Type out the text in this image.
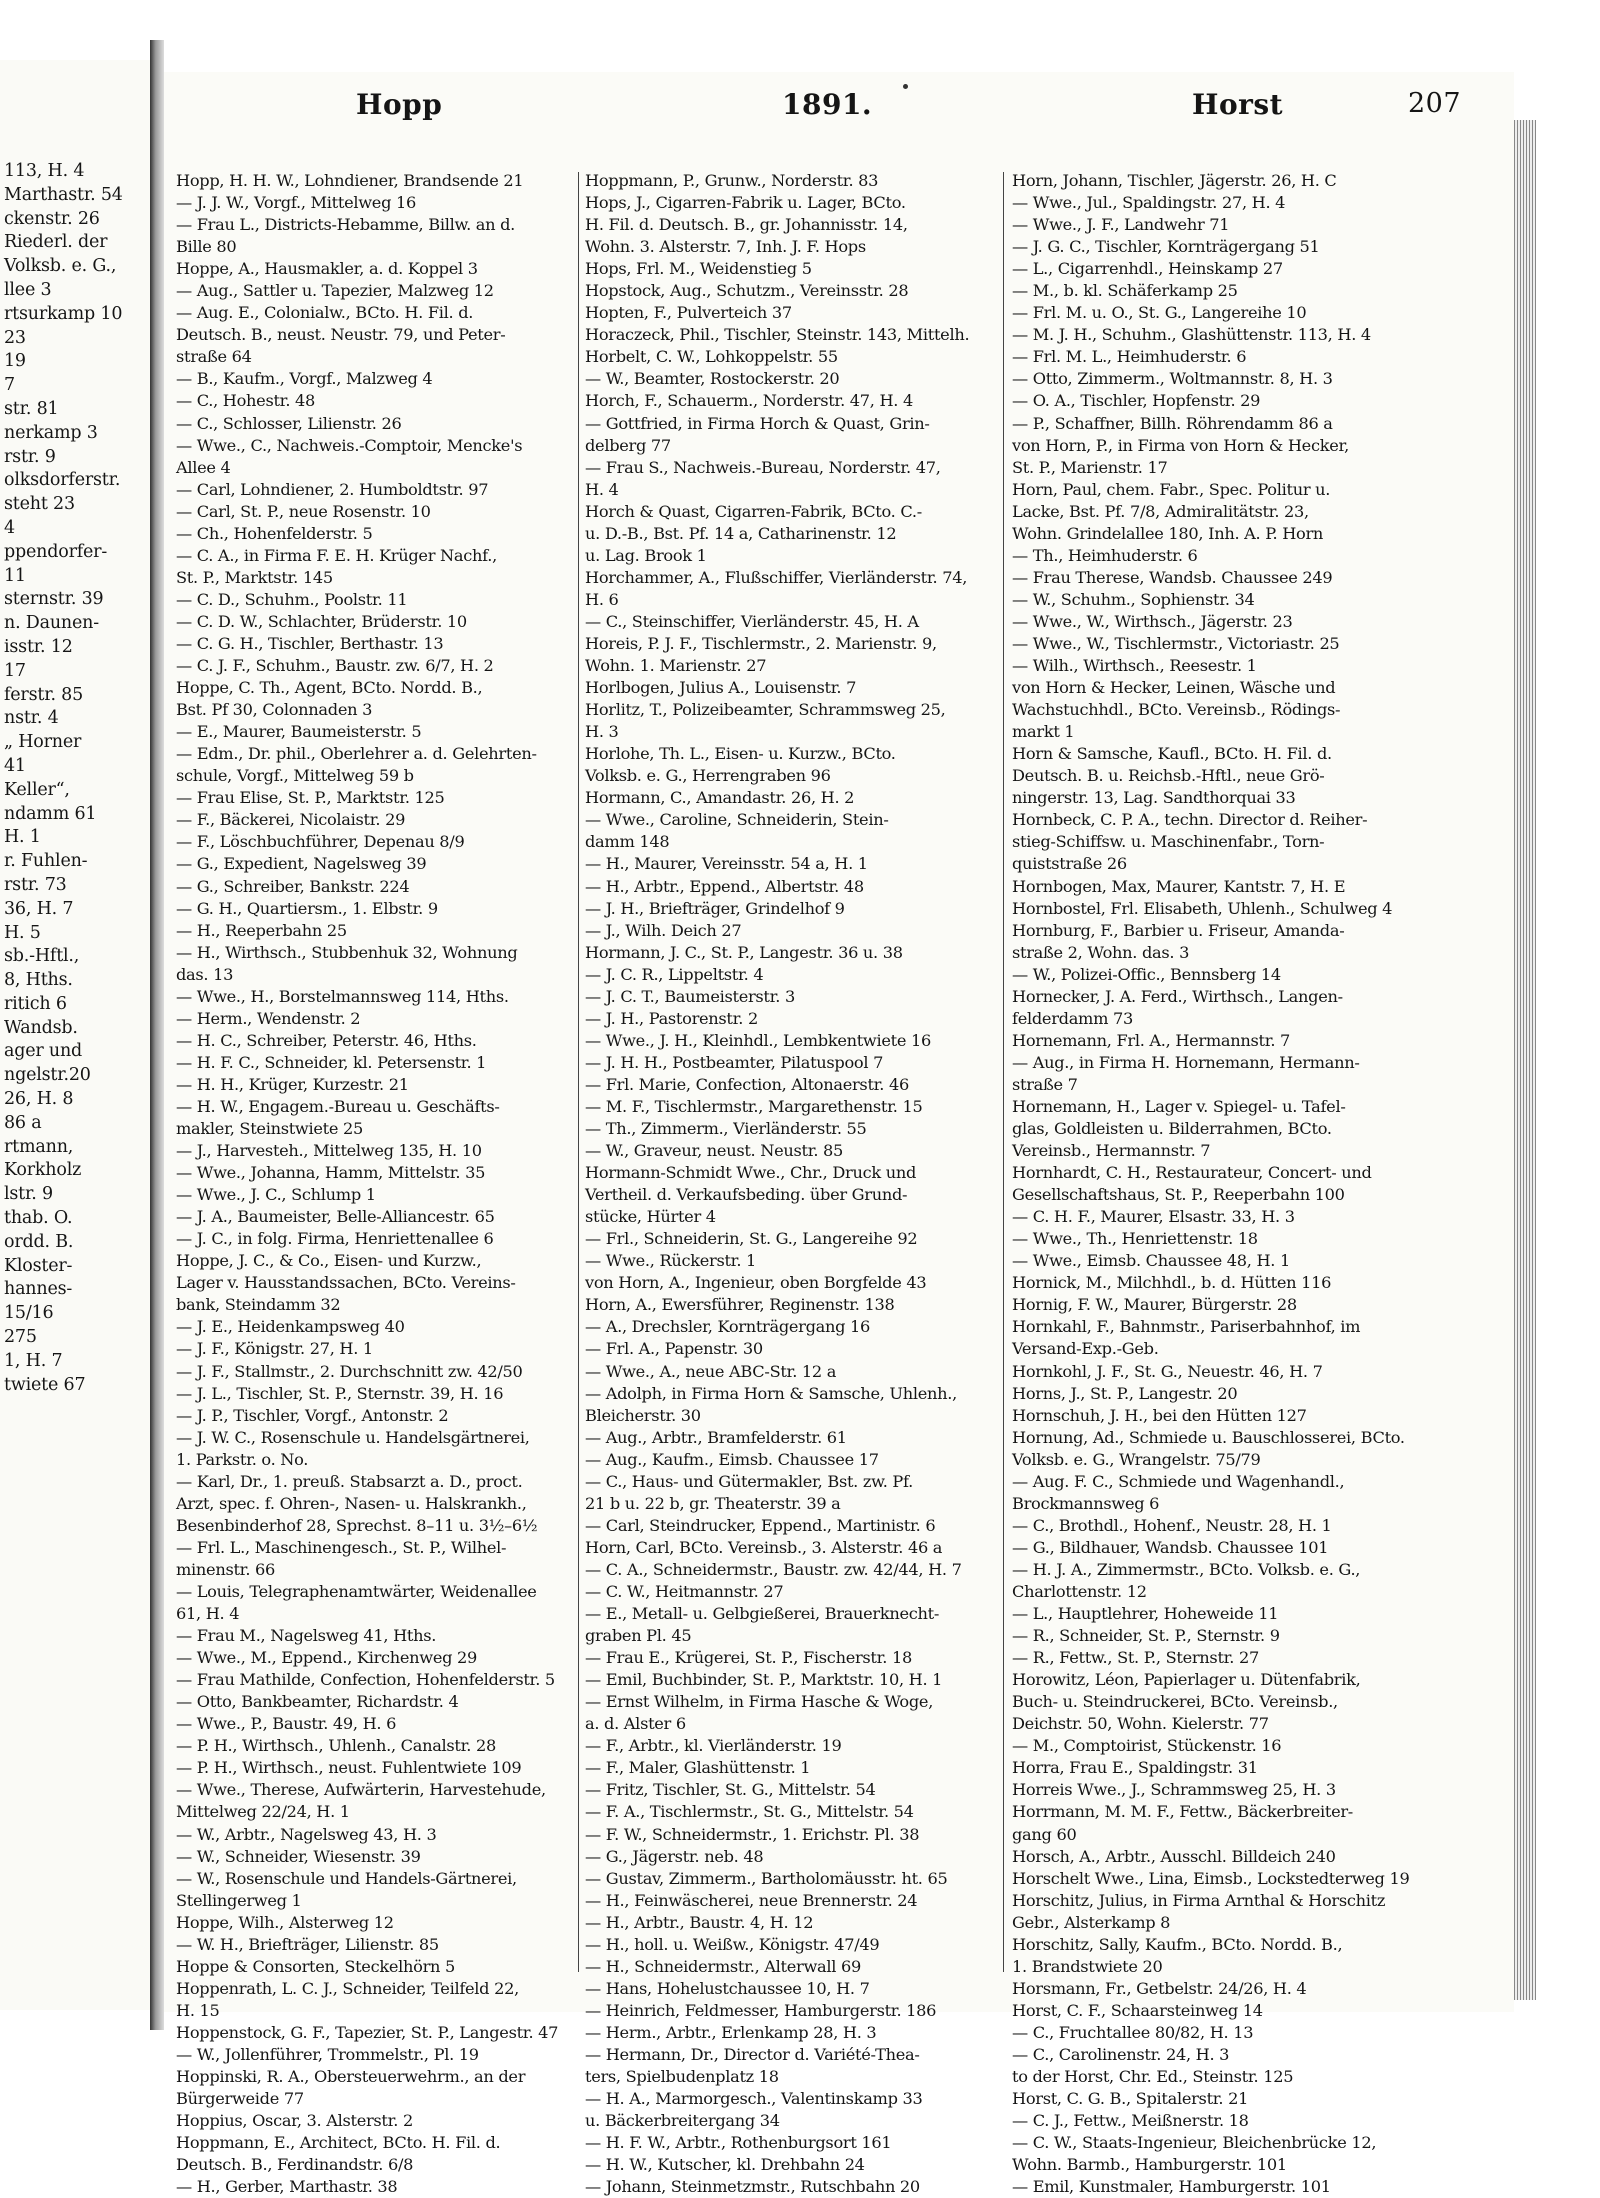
113, H. 4
Marthastr. 54
ckenstr. 26
Riederl. der
Volksb. e. G.,
llee 3
rtsurkamp 10
23
19
7
str. 81
nerkamp 3
rstr. 9
olksdorferstr.
steht 23
4
ppendorfer-
11
sternstr. 39
n. Daunen-
isstr. 12
17
ferstr. 85
nstr. 4
„ Horner
41
Keller“,
ndamm 61
H. 1
r. Fuhlen-
rstr. 73
36, H. 7
H. 5
sb.-Hftl.,
8, Hths.
ritich 6
Wandsb.
ager und
ngelstr.20
26, H. 8
86 a
rtmann,
Korkholz
lstr. 9
thab. O.
ordd. B.
Kloster-
hannes-
15/16
275
1, H. 7
twiete 67
Hopp	1891.	Horst	207
Hopp, H. H. W., Lohndiener, Brandsende 21
— J. J. W., Vorgf., Mittelweg 16
— Frau L., Districts-Hebamme, Billw. an d.
Bille 80
Hoppe, A., Hausmakler, a. d. Koppel 3
— Aug., Sattler u. Tapezier, Malzweg 12
— Aug. E., Colonialw., BCto. H. Fil. d.
Deutsch. B., neust. Neustr. 79, und Peter-
straße 64
— B., Kaufm., Vorgf., Malzweg 4
— C., Hohestr. 48
— C., Schlosser, Lilienstr. 26
— Wwe., C., Nachweis.-Comptoir, Mencke's
Allee 4
— Carl, Lohndiener, 2. Humboldtstr. 97
— Carl, St. P., neue Rosenstr. 10
— Ch., Hohenfelderstr. 5
— C. A., in Firma F. E. H. Krüger Nachf.,
St. P., Marktstr. 145
— C. D., Schuhm., Poolstr. 11
— C. D. W., Schlachter, Brüderstr. 10
— C. G. H., Tischler, Berthastr. 13
— C. J. F., Schuhm., Baustr. zw. 6/7, H. 2
Hoppe, C. Th., Agent, BCto. Nordd. B.,
Bst. Pf 30, Colonnaden 3
— E., Maurer, Baumeisterstr. 5
— Edm., Dr. phil., Oberlehrer a. d. Gelehrten-
schule, Vorgf., Mittelweg 59 b
— Frau Elise, St. P., Marktstr. 125
— F., Bäckerei, Nicolaistr. 29
— F., Löschbuchführer, Depenau 8/9
— G., Expedient, Nagelsweg 39
— G., Schreiber, Bankstr. 224
— G. H., Quartiersm., 1. Elbstr. 9
— H., Reeperbahn 25
— H., Wirthsch., Stubbenhuk 32, Wohnung
das. 13
— Wwe., H., Borstelmannsweg 114, Hths.
— Herm., Wendenstr. 2
— H. C., Schreiber, Peterstr. 46, Hths.
— H. F. C., Schneider, kl. Petersenstr. 1
— H. H., Krüger, Kurzestr. 21
— H. W., Engagem.-Bureau u. Geschäfts-
makler, Steinstwiete 25
— J., Harvesteh., Mittelweg 135, H. 10
— Wwe., Johanna, Hamm, Mittelstr. 35
— Wwe., J. C., Schlump 1
— J. A., Baumeister, Belle-Alliancestr. 65
— J. C., in folg. Firma, Henriettenallee 6
Hoppe, J. C., & Co., Eisen- und Kurzw.,
Lager v. Hausstandssachen, BCto. Vereins-
bank, Steindamm 32
— J. E., Heidenkampsweg 40
— J. F., Königstr. 27, H. 1
— J. F., Stallmstr., 2. Durchschnitt zw. 42/50
— J. L., Tischler, St. P., Sternstr. 39, H. 16
— J. P., Tischler, Vorgf., Antonstr. 2
— J. W. C., Rosenschule u. Handelsgärtnerei,
1. Parkstr. o. No.
— Karl, Dr., 1. preuß. Stabsarzt a. D., proct.
Arzt, spec. f. Ohren-, Nasen- u. Halskrankh.,
Besenbinderhof 28, Sprechst. 8–11 u. 3½–6½
— Frl. L., Maschinengesch., St. P., Wilhel-
minenstr. 66
— Louis, Telegraphenamtwärter, Weidenallee
61, H. 4
— Frau M., Nagelsweg 41, Hths.
— Wwe., M., Eppend., Kirchenweg 29
— Frau Mathilde, Confection, Hohenfelderstr. 5
— Otto, Bankbeamter, Richardstr. 4
— Wwe., P., Baustr. 49, H. 6
— P. H., Wirthsch., Uhlenh., Canalstr. 28
— P. H., Wirthsch., neust. Fuhlentwiete 109
— Wwe., Therese, Aufwärterin, Harvestehude,
Mittelweg 22/24, H. 1
— W., Arbtr., Nagelsweg 43, H. 3
— W., Schneider, Wiesenstr. 39
— W., Rosenschule und Handels-Gärtnerei,
Stellingerweg 1
Hoppe, Wilh., Alsterweg 12
— W. H., Briefträger, Lilienstr. 85
Hoppe & Consorten, Steckelhörn 5
Hoppenrath, L. C. J., Schneider, Teilfeld 22,
H. 15
Hoppenstock, G. F., Tapezier, St. P., Langestr. 47
— W., Jollenführer, Trommelstr., Pl. 19
Hoppinski, R. A., Obersteuerwehrm., an der
Bürgerweide 77
Hoppius, Oscar, 3. Alsterstr. 2
Hoppmann, E., Architect, BCto. H. Fil. d.
Deutsch. B., Ferdinandstr. 6/8
— H., Gerber, Marthastr. 38
Hoppmann, P., Grunw., Norderstr. 83
Hops, J., Cigarren-Fabrik u. Lager, BCto.
H. Fil. d. Deutsch. B., gr. Johannisstr. 14,
Wohn. 3. Alsterstr. 7, Inh. J. F. Hops
Hops, Frl. M., Weidenstieg 5
Hopstock, Aug., Schutzm., Vereinsstr. 28
Hopten, F., Pulverteich 37
Horaczeck, Phil., Tischler, Steinstr. 143, Mittelh.
Horbelt, C. W., Lohkoppelstr. 55
— W., Beamter, Rostockerstr. 20
Horch, F., Schauerm., Norderstr. 47, H. 4
— Gottfried, in Firma Horch & Quast, Grin-
delberg 77
— Frau S., Nachweis.-Bureau, Norderstr. 47,
H. 4
Horch & Quast, Cigarren-Fabrik, BCto. C.-
u. D.-B., Bst. Pf. 14 a, Catharinenstr. 12
u. Lag. Brook 1
Horchammer, A., Flußschiffer, Vierländerstr. 74,
H. 6
— C., Steinschiffer, Vierländerstr. 45, H. A
Horeis, P. J. F., Tischlermstr., 2. Marienstr. 9,
Wohn. 1. Marienstr. 27
Horlbogen, Julius A., Louisenstr. 7
Horlitz, T., Polizeibeamter, Schrammsweg 25,
H. 3
Horlohe, Th. L., Eisen- u. Kurzw., BCto.
Volksb. e. G., Herrengraben 96
Hormann, C., Amandastr. 26, H. 2
— Wwe., Caroline, Schneiderin, Stein-
damm 148
— H., Maurer, Vereinsstr. 54 a, H. 1
— H., Arbtr., Eppend., Albertstr. 48
— J. H., Briefträger, Grindelhof 9
— J., Wilh. Deich 27
Hormann, J. C., St. P., Langestr. 36 u. 38
— J. C. R., Lippeltstr. 4
— J. C. T., Baumeisterstr. 3
— J. H., Pastorenstr. 2
— Wwe., J. H., Kleinhdl., Lembkentwiete 16
— J. H. H., Postbeamter, Pilatuspool 7
— Frl. Marie, Confection, Altonaerstr. 46
— M. F., Tischlermstr., Margarethenstr. 15
— Th., Zimmerm., Vierländerstr. 55
— W., Graveur, neust. Neustr. 85
Hormann-Schmidt Wwe., Chr., Druck und
Vertheil. d. Verkaufsbeding. über Grund-
stücke, Hürter 4
— Frl., Schneiderin, St. G., Langereihe 92
— Wwe., Rückerstr. 1
von Horn, A., Ingenieur, oben Borgfelde 43
Horn, A., Ewersführer, Reginenstr. 138
— A., Drechsler, Kornträgergang 16
— Frl. A., Papenstr. 30
— Wwe., A., neue ABC-Str. 12 a
— Adolph, in Firma Horn & Samsche, Uhlenh.,
Bleicherstr. 30
— Aug., Arbtr., Bramfelderstr. 61
— Aug., Kaufm., Eimsb. Chaussee 17
— C., Haus- und Gütermakler, Bst. zw. Pf.
21 b u. 22 b, gr. Theaterstr. 39 a
— Carl, Steindrucker, Eppend., Martinistr. 6
Horn, Carl, BCto. Vereinsb., 3. Alsterstr. 46 a
— C. A., Schneidermstr., Baustr. zw. 42/44, H. 7
— C. W., Heitmannstr. 27
— E., Metall- u. Gelbgießerei, Brauerknecht-
graben Pl. 45
— Frau E., Krügerei, St. P., Fischerstr. 18
— Emil, Buchbinder, St. P., Marktstr. 10, H. 1
— Ernst Wilhelm, in Firma Hasche & Woge,
a. d. Alster 6
— F., Arbtr., kl. Vierländerstr. 19
— F., Maler, Glashüttenstr. 1
— Fritz, Tischler, St. G., Mittelstr. 54
— F. A., Tischlermstr., St. G., Mittelstr. 54
— F. W., Schneidermstr., 1. Erichstr. Pl. 38
— G., Jägerstr. neb. 48
— Gustav, Zimmerm., Bartholomäusstr. ht. 65
— H., Feinwäscherei, neue Brennerstr. 24
— H., Arbtr., Baustr. 4, H. 12
— H., holl. u. Weißw., Königstr. 47/49
— H., Schneidermstr., Alterwall 69
— Hans, Hohelustchaussee 10, H. 7
— Heinrich, Feldmesser, Hamburgerstr. 186
— Herm., Arbtr., Erlenkamp 28, H. 3
— Hermann, Dr., Director d. Variété-Thea-
ters, Spielbudenplatz 18
— H. A., Marmorgesch., Valentinskamp 33
u. Bäckerbreitergang 34
— H. F. W., Arbtr., Rothenburgsort 161
— H. W., Kutscher, kl. Drehbahn 24
— Johann, Steinmetzmstr., Rutschbahn 20
Horn, Johann, Tischler, Jägerstr. 26, H. C
— Wwe., Jul., Spaldingstr. 27, H. 4
— Wwe., J. F., Landwehr 71
— J. G. C., Tischler, Kornträgergang 51
— L., Cigarrenhdl., Heinskamp 27
— M., b. kl. Schäferkamp 25
— Frl. M. u. O., St. G., Langereihe 10
— M. J. H., Schuhm., Glashüttenstr. 113, H. 4
— Frl. M. L., Heimhuderstr. 6
— Otto, Zimmerm., Woltmannstr. 8, H. 3
— O. A., Tischler, Hopfenstr. 29
— P., Schaffner, Billh. Röhrendamm 86 a
von Horn, P., in Firma von Horn & Hecker,
St. P., Marienstr. 17
Horn, Paul, chem. Fabr., Spec. Politur u.
Lacke, Bst. Pf. 7/8, Admiralitätstr. 23,
Wohn. Grindelallee 180, Inh. A. P. Horn
— Th., Heimhuderstr. 6
— Frau Therese, Wandsb. Chaussee 249
— W., Schuhm., Sophienstr. 34
— Wwe., W., Wirthsch., Jägerstr. 23
— Wwe., W., Tischlermstr., Victoriastr. 25
— Wilh., Wirthsch., Reesestr. 1
von Horn & Hecker, Leinen, Wäsche und
Wachstuchhdl., BCto. Vereinsb., Rödings-
markt 1
Horn & Samsche, Kaufl., BCto. H. Fil. d.
Deutsch. B. u. Reichsb.-Hftl., neue Grö-
ningerstr. 13, Lag. Sandthorquai 33
Hornbeck, C. P. A., techn. Director d. Reiher-
stieg-Schiffsw. u. Maschinenfabr., Torn-
quiststraße 26
Hornbogen, Max, Maurer, Kantstr. 7, H. E
Hornbostel, Frl. Elisabeth, Uhlenh., Schulweg 4
Hornburg, F., Barbier u. Friseur, Amanda-
straße 2, Wohn. das. 3
— W., Polizei-Offic., Bennsberg 14
Hornecker, J. A. Ferd., Wirthsch., Langen-
felderdamm 73
Hornemann, Frl. A., Hermannstr. 7
— Aug., in Firma H. Hornemann, Hermann-
straße 7
Hornemann, H., Lager v. Spiegel- u. Tafel-
glas, Goldleisten u. Bilderrahmen, BCto.
Vereinsb., Hermannstr. 7
Hornhardt, C. H., Restaurateur, Concert- und
Gesellschaftshaus, St. P., Reeperbahn 100
— C. H. F., Maurer, Elsastr. 33, H. 3
— Wwe., Th., Henriettenstr. 18
— Wwe., Eimsb. Chaussee 48, H. 1
Hornick, M., Milchhdl., b. d. Hütten 116
Hornig, F. W., Maurer, Bürgerstr. 28
Hornkahl, F., Bahnmstr., Pariserbahnhof, im
Versand-Exp.-Geb.
Hornkohl, J. F., St. G., Neuestr. 46, H. 7
Horns, J., St. P., Langestr. 20
Hornschuh, J. H., bei den Hütten 127
Hornung, Ad., Schmiede u. Bauschlosserei, BCto.
Volksb. e. G., Wrangelstr. 75/79
— Aug. F. C., Schmiede und Wagenhandl.,
Brockmannsweg 6
— C., Brothdl., Hohenf., Neustr. 28, H. 1
— G., Bildhauer, Wandsb. Chaussee 101
— H. J. A., Zimmermstr., BCto. Volksb. e. G.,
Charlottenstr. 12
— L., Hauptlehrer, Hoheweide 11
— R., Schneider, St. P., Sternstr. 9
— R., Fettw., St. P., Sternstr. 27
Horowitz, Léon, Papierlager u. Dütenfabrik,
Buch- u. Steindruckerei, BCto. Vereinsb.,
Deichstr. 50, Wohn. Kielerstr. 77
— M., Comptoirist, Stückenstr. 16
Horra, Frau E., Spaldingstr. 31
Horreis Wwe., J., Schrammsweg 25, H. 3
Horrmann, M. M. F., Fettw., Bäckerbreiter-
gang 60
Horsch, A., Arbtr., Ausschl. Billdeich 240
Horschelt Wwe., Lina, Eimsb., Lockstedterweg 19
Horschitz, Julius, in Firma Arnthal & Horschitz
Gebr., Alsterkamp 8
Horschitz, Sally, Kaufm., BCto. Nordd. B.,
1. Brandstwiete 20
Horsmann, Fr., Getbelstr. 24/26, H. 4
Horst, C. F., Schaarsteinweg 14
— C., Fruchtallee 80/82, H. 13
— C., Carolinenstr. 24, H. 3
to der Horst, Chr. Ed., Steinstr. 125
Horst, C. G. B., Spitalerstr. 21
— C. J., Fettw., Meißnerstr. 18
— C. W., Staats-Ingenieur, Bleichenbrücke 12,
Wohn. Barmb., Hamburgerstr. 101
— Emil, Kunstmaler, Hamburgerstr. 101
